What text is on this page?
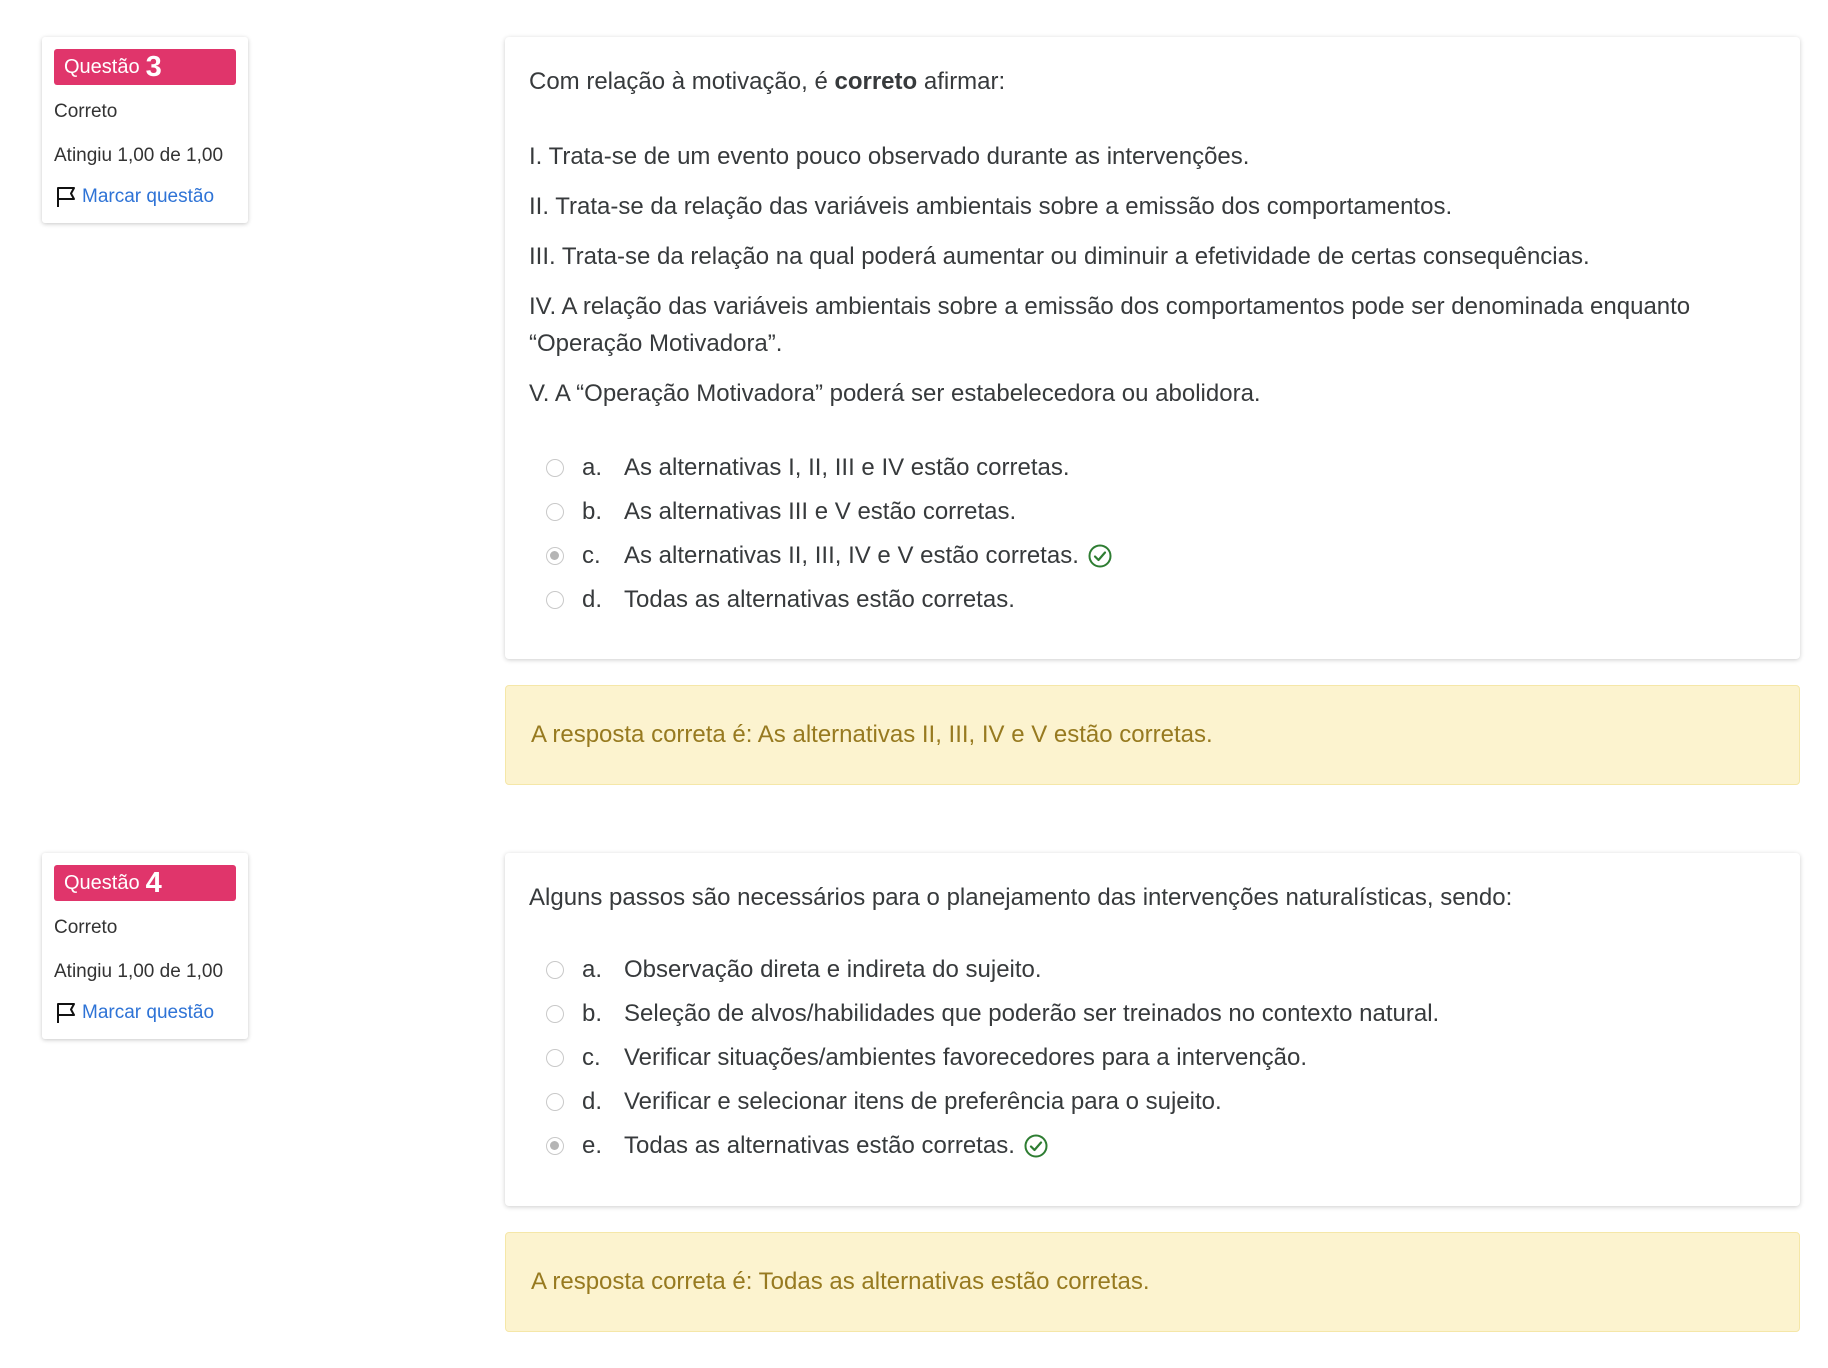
Questão 3
Correto
Atingiu 1,00 de 1,00
Marcar questão

Com relação à motivação, é correto afirmar:

I. Trata-se de um evento pouco observado durante as intervenções.

II. Trata-se da relação das variáveis ambientais sobre a emissão dos comportamentos.

III. Trata-se da relação na qual poderá aumentar ou diminuir a efetividade de certas consequências.

IV. A relação das variáveis ambientais sobre a emissão dos comportamentos pode ser denominada enquanto “Operação Motivadora”.

V. A “Operação Motivadora” poderá ser estabelecedora ou abolidora.

a. As alternativas I, II, III e IV estão corretas.
b. As alternativas III e V estão corretas.
c. As alternativas II, III, IV e V estão corretas.
d. Todas as alternativas estão corretas.
A resposta correta é: As alternativas II, III, IV e V estão corretas.
Questão 4
Correto
Atingiu 1,00 de 1,00
Marcar questão

Alguns passos são necessários para o planejamento das intervenções naturalísticas, sendo:

a. Observação direta e indireta do sujeito.
b. Seleção de alvos/habilidades que poderão ser treinados no contexto natural.
c. Verificar situações/ambientes favorecedores para a intervenção.
d. Verificar e selecionar itens de preferência para o sujeito.
e. Todas as alternativas estão corretas.
A resposta correta é: Todas as alternativas estão corretas.
